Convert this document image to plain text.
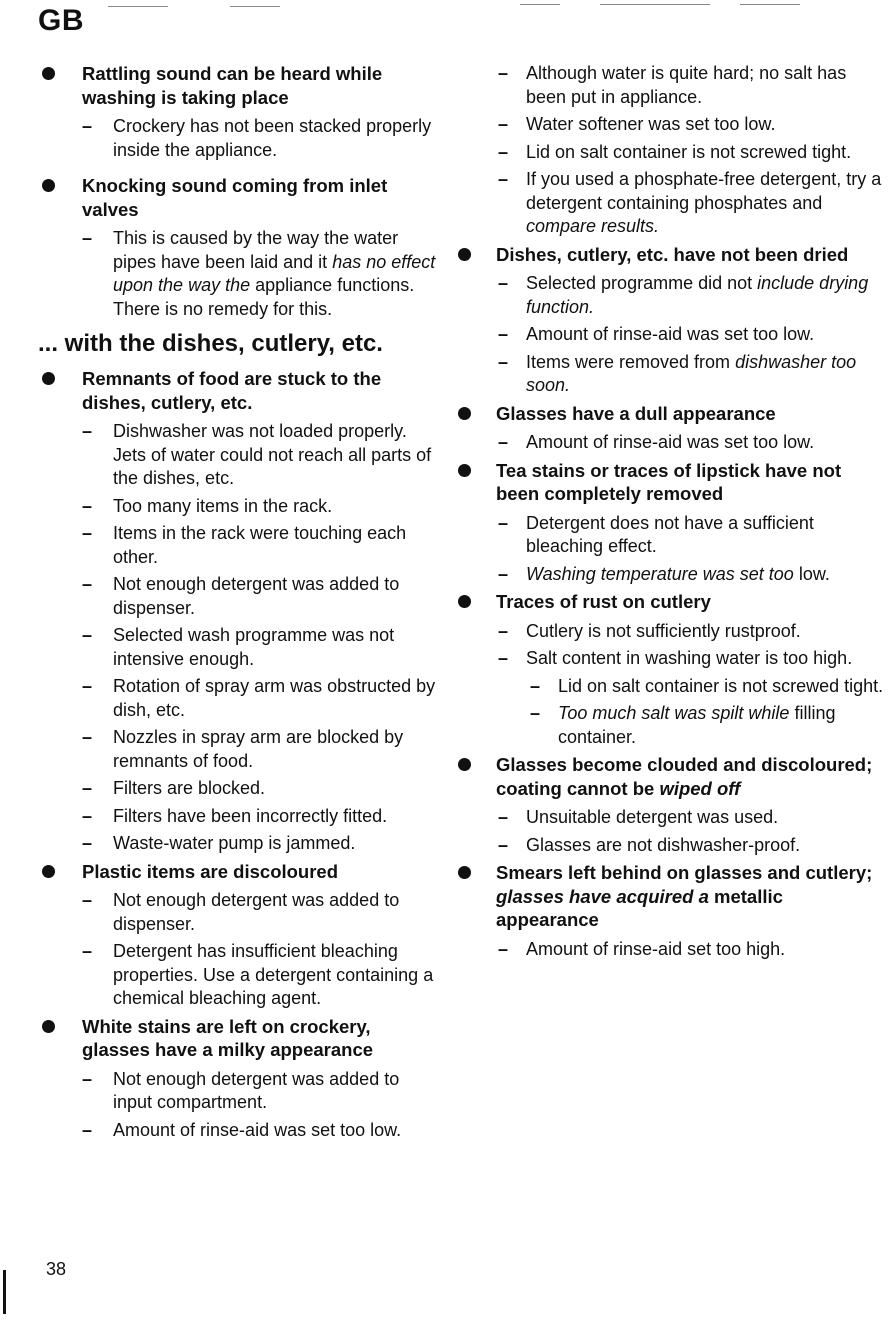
GB
Rattling sound can be heard while washing is taking place
– Crockery has not been stacked properly inside the appliance.
Knocking sound coming from inlet valves
– This is caused by the way the water pipes have been laid and it has no effect upon the way the appliance functions. There is no remedy for this.
... with the dishes, cutlery, etc.
Remnants of food are stuck to the dishes, cutlery, etc.
– Dishwasher was not loaded properly. Jets of water could not reach all parts of the dishes, etc.
– Too many items in the rack.
– Items in the rack were touching each other.
– Not enough detergent was added to dispenser.
– Selected wash programme was not intensive enough.
– Rotation of spray arm was obstructed by dish, etc.
– Nozzles in spray arm are blocked by remnants of food.
– Filters are blocked.
– Filters have been incorrectly fitted.
– Waste-water pump is jammed.
Plastic items are discoloured
– Not enough detergent was added to dispenser.
– Detergent has insufficient bleaching properties. Use a detergent containing a chemical bleaching agent.
White stains are left on crockery, glasses have a milky appearance
– Not enough detergent was added to input compartment.
– Amount of rinse-aid was set too low.
– Although water is quite hard; no salt has been put in appliance.
– Water softener was set too low.
– Lid on salt container is not screwed tight.
– If you used a phosphate-free detergent, try a detergent containing phosphates and compare results.
Dishes, cutlery, etc. have not been dried
– Selected programme did not include drying function.
– Amount of rinse-aid was set too low.
– Items were removed from dishwasher too soon.
Glasses have a dull appearance
– Amount of rinse-aid was set too low.
Tea stains or traces of lipstick have not been completely removed
– Detergent does not have a sufficient bleaching effect.
– Washing temperature was set too low.
Traces of rust on cutlery
– Cutlery is not sufficiently rustproof.
– Salt content in washing water is too high.
– Lid on salt container is not screwed tight.
– Too much salt was spilt while filling container.
Glasses become clouded and discoloured; coating cannot be wiped off
– Unsuitable detergent was used.
– Glasses are not dishwasher-proof.
Smears left behind on glasses and cutlery; glasses have acquired a metallic appearance
– Amount of rinse-aid set too high.
38
